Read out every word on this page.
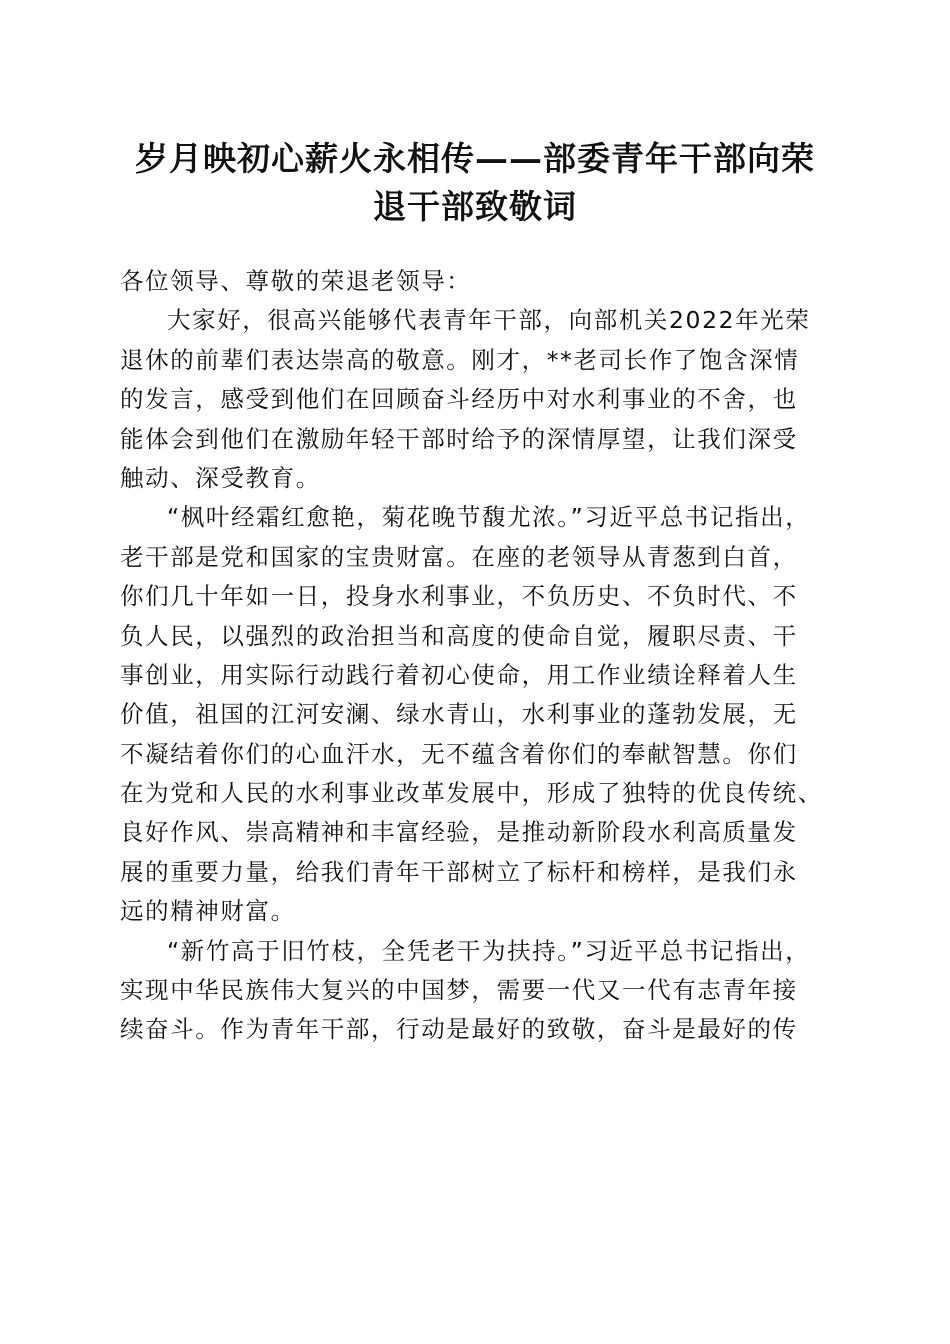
岁月映初心薪火永相传——部委青年干部向荣
退干部致敬词
各位领导、尊敬的荣退老领导：
大家好，很高兴能够代表青年干部，向部机关2022年光荣
退休的前辈们表达崇高的敬意。刚才，**老司长作了饱含深情
的发言，感受到他们在回顾奋斗经历中对水利事业的不舍，也
能体会到他们在激励年轻干部时给予的深情厚望，让我们深受
触动、深受教育。
“枫叶经霜红愈艳，菊花晚节馥尤浓。”习近平总书记指出，
老干部是党和国家的宝贵财富。在座的老领导从青葱到白首，
你们几十年如一日，投身水利事业，不负历史、不负时代、不
负人民，以强烈的政治担当和高度的使命自觉，履职尽责、干
事创业，用实际行动践行着初心使命，用工作业绩诠释着人生
价值，祖国的江河安澜、绿水青山，水利事业的蓬勃发展，无
不凝结着你们的心血汗水，无不蕴含着你们的奉献智慧。你们
在为党和人民的水利事业改革发展中，形成了独特的优良传统、
良好作风、崇高精神和丰富经验，是推动新阶段水利高质量发
展的重要力量，给我们青年干部树立了标杆和榜样，是我们永
远的精神财富。
“新竹高于旧竹枝，全凭老干为扶持。”习近平总书记指出，
实现中华民族伟大复兴的中国梦，需要一代又一代有志青年接
续奋斗。作为青年干部，行动是最好的致敬，奋斗是最好的传
